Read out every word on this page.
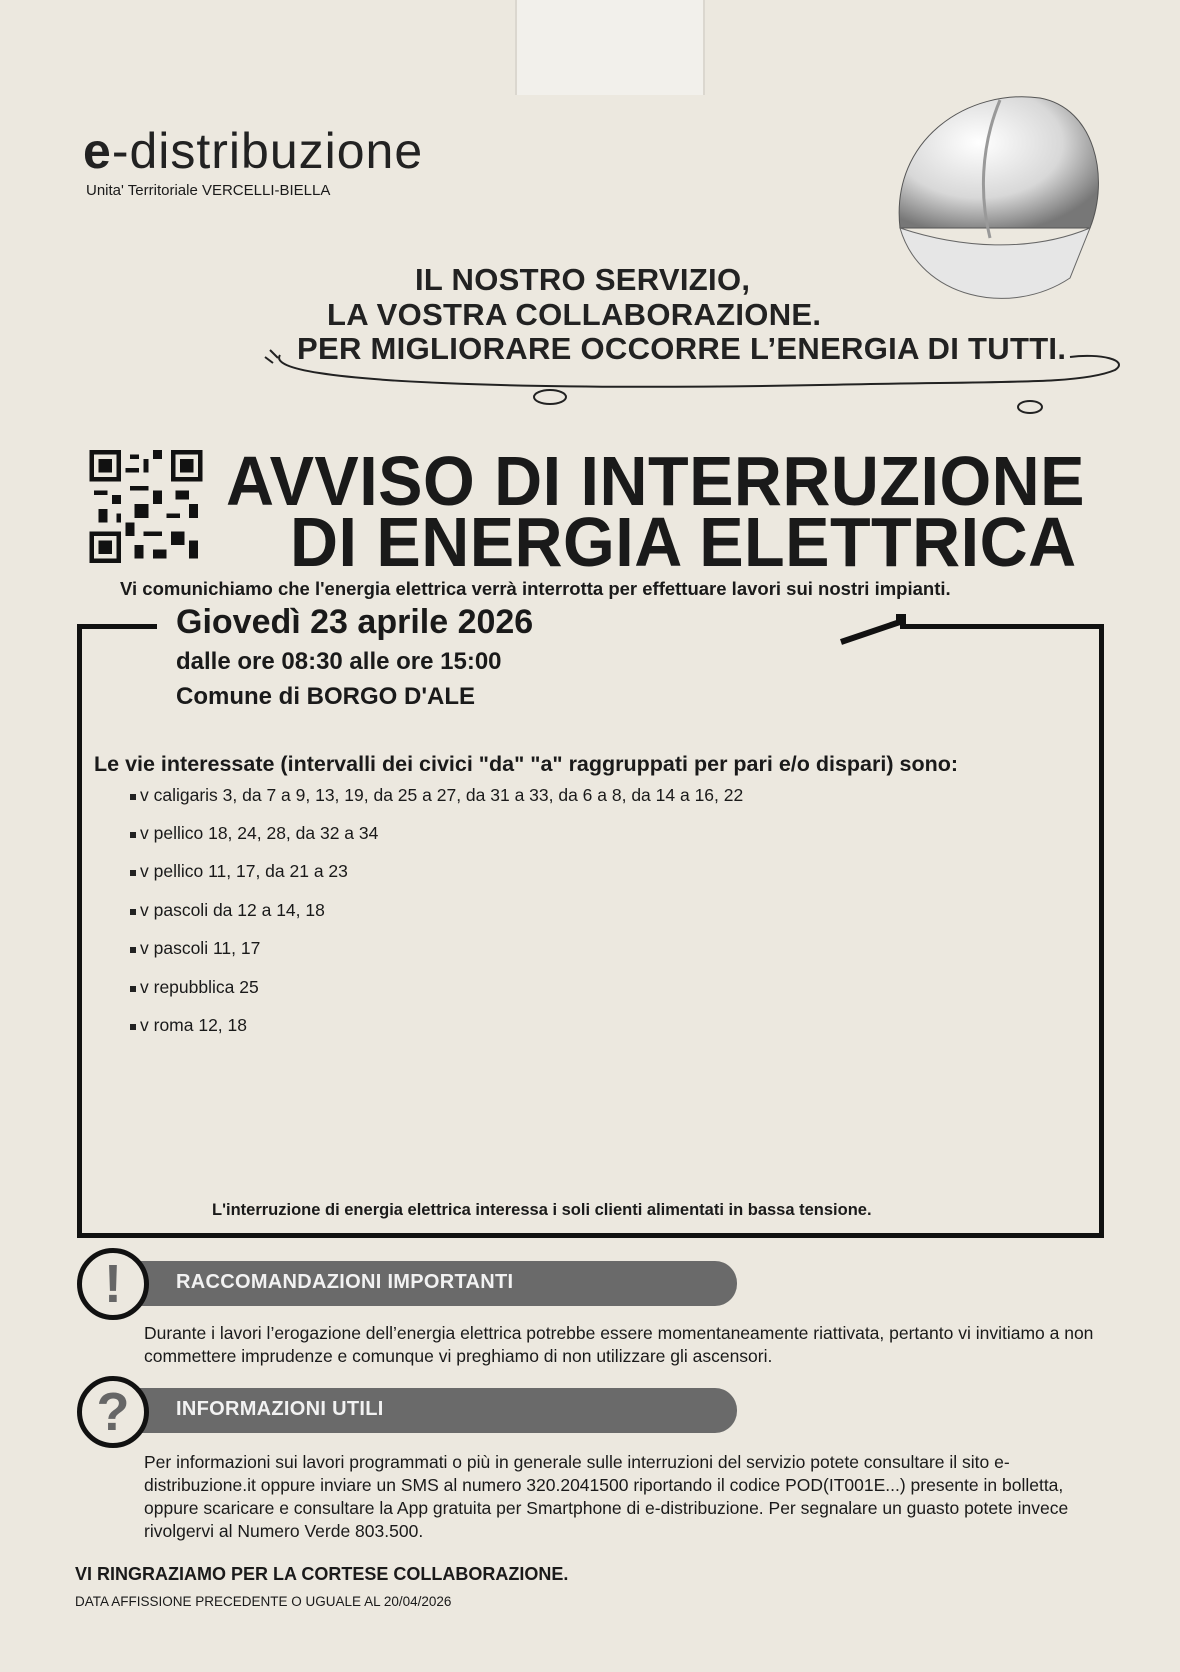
e-distribuzione
Unita' Territoriale VERCELLI-BIELLA
IL NOSTRO SERVIZIO,
LA VOSTRA COLLABORAZIONE.
PER MIGLIORARE OCCORRE L’ENERGIA DI TUTTI.
AVVISO DI INTERRUZIONE
DI ENERGIA ELETTRICA
Vi comunichiamo che l'energia elettrica verrà interrotta per effettuare lavori sui nostri impianti.
Giovedì 23 aprile 2026
dalle ore 08:30 alle ore 15:00
Comune di BORGO D'ALE
Le vie interessate (intervalli dei civici "da" "a" raggruppati per pari e/o dispari) sono:
v caligaris 3, da 7 a 9, 13, 19, da 25 a 27, da 31 a 33, da 6 a 8, da 14 a 16, 22
v pellico 18, 24, 28, da 32 a 34
v pellico 11, 17, da 21 a 23
v pascoli da 12 a 14, 18
v pascoli 11, 17
v repubblica 25
v roma 12, 18
L'interruzione di energia elettrica interessa i soli clienti alimentati in bassa tensione.
!	RACCOMANDAZIONI IMPORTANTI
Durante i lavori l’erogazione dell’energia elettrica potrebbe essere momentaneamente riattivata, pertanto vi invitiamo a non commettere imprudenze e comunque vi preghiamo di non utilizzare gli ascensori.
?	INFORMAZIONI UTILI
Per informazioni sui lavori programmati o più in generale sulle interruzioni del servizio potete consultare il sito e-distribuzione.it oppure inviare un SMS al numero 320.2041500 riportando il codice POD(IT001E...) presente in bolletta, oppure scaricare e consultare la App gratuita per Smartphone di e-distribuzione. Per segnalare un guasto potete invece rivolgervi al Numero Verde 803.500.
VI RINGRAZIAMO PER LA CORTESE COLLABORAZIONE.
DATA AFFISSIONE PRECEDENTE O UGUALE AL 20/04/2026
